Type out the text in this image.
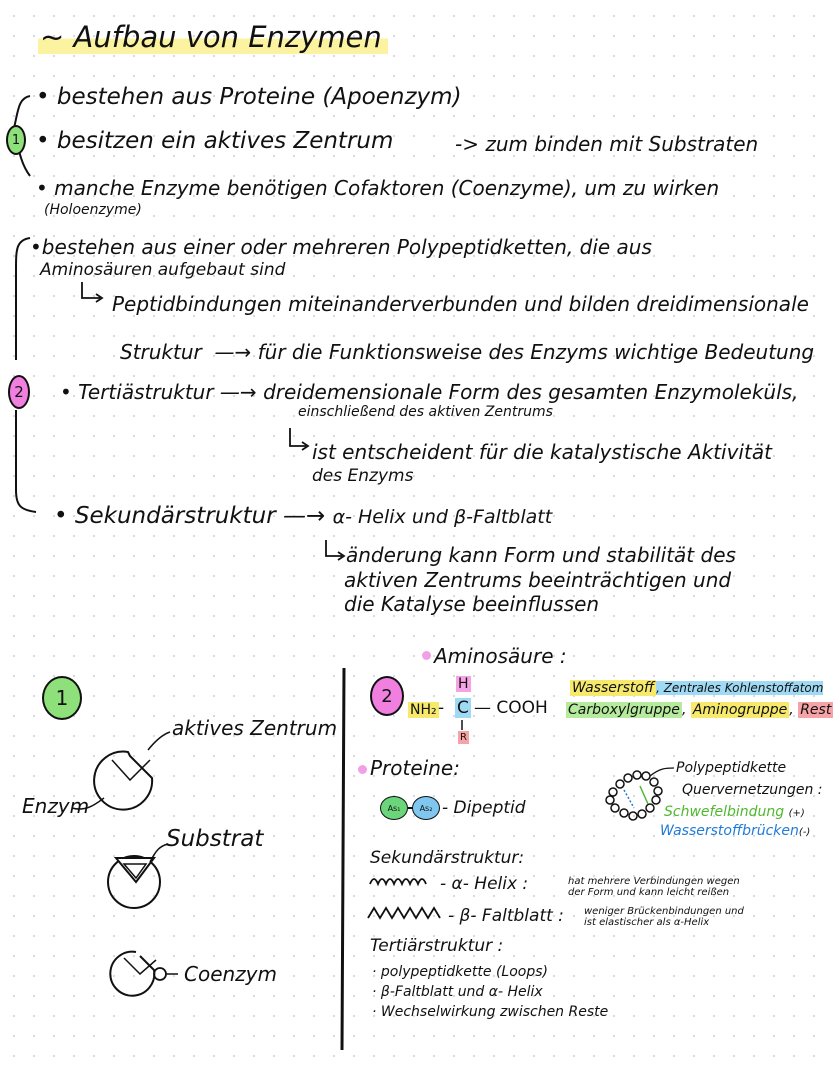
~ Aufbau von Enzymen
1
• bestehen aus Proteine (Apoenzym)
• besitzen ein aktives Zentrum	-> zum binden mit Substraten
• manche Enzyme benötigen Cofaktoren (Coenzyme), um zu wirken
(Holoenzyme)
•bestehen aus einer oder mehreren Polypeptidketten, die aus
Aminosäuren aufgebaut sind
Peptidbindungen miteinanderverbunden und bilden dreidimensionale
Struktur  —→ für die Funktionsweise des Enzyms wichtige Bedeutung
2 • Tertiästruktur —→ dreidemensionale Form des gesamten Enzymoleküls,
einschließend des aktiven Zentrums
ist entscheident für die katalystische Aktivität
des Enzyms
• Sekundärstruktur —→ α- Helix und β-Faltblatt
änderung kann Form und stabilität des
aktiven Zentrums beeinträchtigen und
die Katalyse beeinflussen
1
aktives Zentrum
Enzym
Substrat
Coenzym
Aminosäure :
2
H
NH₂ - C — COOH
R
Wasserstoff , Zentrales Kohlenstoffatom
Carboxylgruppe , Aminogruppe , Rest
Proteine:
As₁	As₂ - Dipeptid
Polypeptidkette
Quervernetzungen :
Schwefelbindung (+)
Wasserstoffbrücken(-)
Sekundärstruktur:
- α- Helix :	hat mehrere Verbindungen wegen
der Form und kann leicht reißen
- β- Faltblatt : weniger Brückenbindungen und
ist elastischer als α-Helix
Tertiärstruktur :
· polypeptidkette (Loops)
· β-Faltblatt und α- Helix
· Wechselwirkung zwischen Reste
